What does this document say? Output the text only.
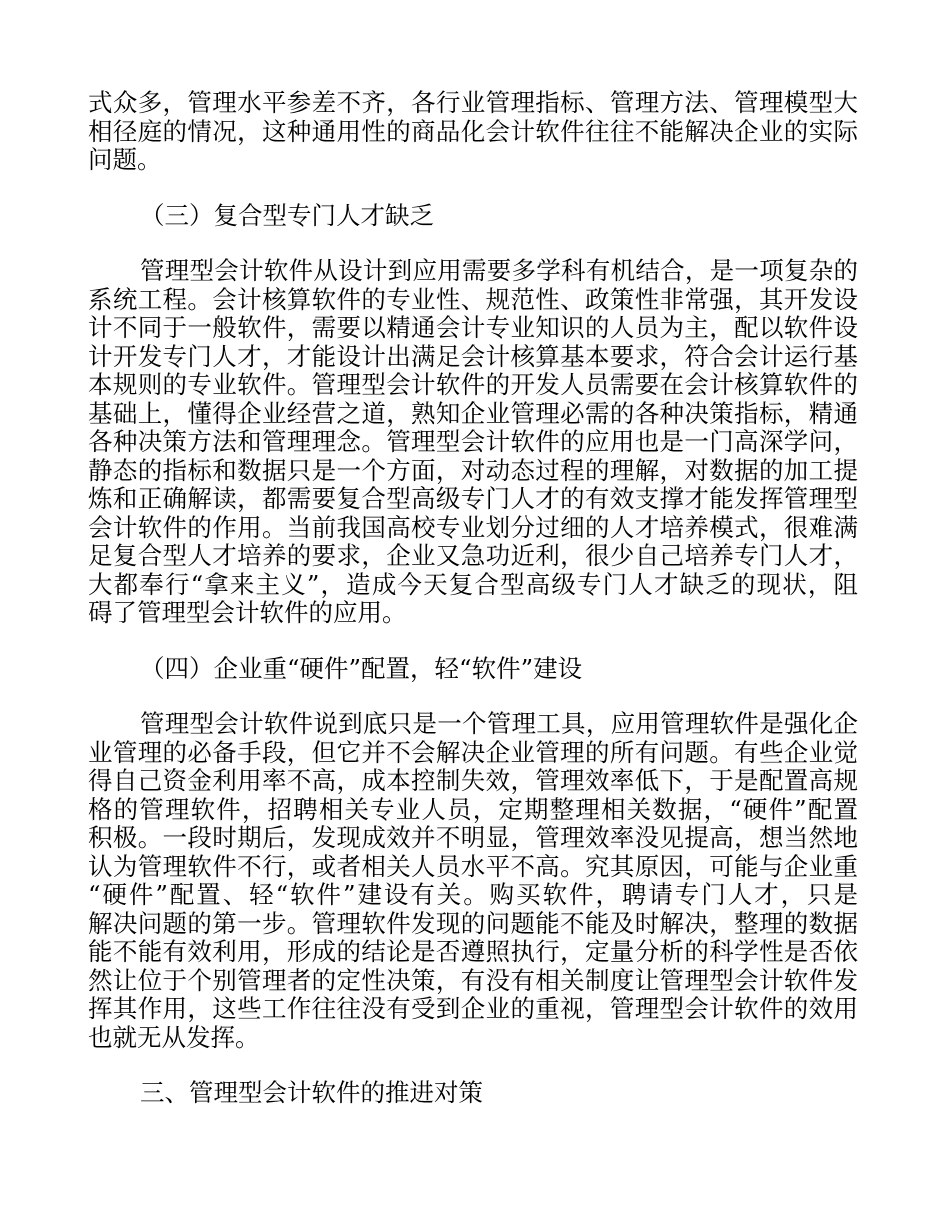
式众多，管理水平参差不齐，各行业管理指标、管理方法、管理模型大
相径庭的情况，这种通用性的商品化会计软件往往不能解决企业的实际
问题。
（三）复合型专门人才缺乏
管理型会计软件从设计到应用需要多学科有机结合，是一项复杂的
系统工程。会计核算软件的专业性、规范性、政策性非常强，其开发设
计不同于一般软件，需要以精通会计专业知识的人员为主，配以软件设
计开发专门人才，才能设计出满足会计核算基本要求，符合会计运行基
本规则的专业软件。管理型会计软件的开发人员需要在会计核算软件的
基础上，懂得企业经营之道，熟知企业管理必需的各种决策指标，精通
各种决策方法和管理理念。管理型会计软件的应用也是一门高深学问，
静态的指标和数据只是一个方面，对动态过程的理解，对数据的加工提
炼和正确解读，都需要复合型高级专门人才的有效支撑才能发挥管理型
会计软件的作用。当前我国高校专业划分过细的人才培养模式，很难满
足复合型人才培养的要求，企业又急功近利，很少自己培养专门人才，
大都奉行“拿来主义”，造成今天复合型高级专门人才缺乏的现状，阻
碍了管理型会计软件的应用。
（四）企业重“硬件”配置，轻“软件”建设
管理型会计软件说到底只是一个管理工具，应用管理软件是强化企
业管理的必备手段，但它并不会解决企业管理的所有问题。有些企业觉
得自己资金利用率不高，成本控制失效，管理效率低下，于是配置高规
格的管理软件，招聘相关专业人员，定期整理相关数据，“硬件”配置
积极。一段时期后，发现成效并不明显，管理效率没见提高，想当然地
认为管理软件不行，或者相关人员水平不高。究其原因，可能与企业重
“硬件”配置、轻“软件”建设有关。购买软件，聘请专门人才，只是
解决问题的第一步。管理软件发现的问题能不能及时解决，整理的数据
能不能有效利用，形成的结论是否遵照执行，定量分析的科学性是否依
然让位于个别管理者的定性决策，有没有相关制度让管理型会计软件发
挥其作用，这些工作往往没有受到企业的重视，管理型会计软件的效用
也就无从发挥。
三、管理型会计软件的推进对策
